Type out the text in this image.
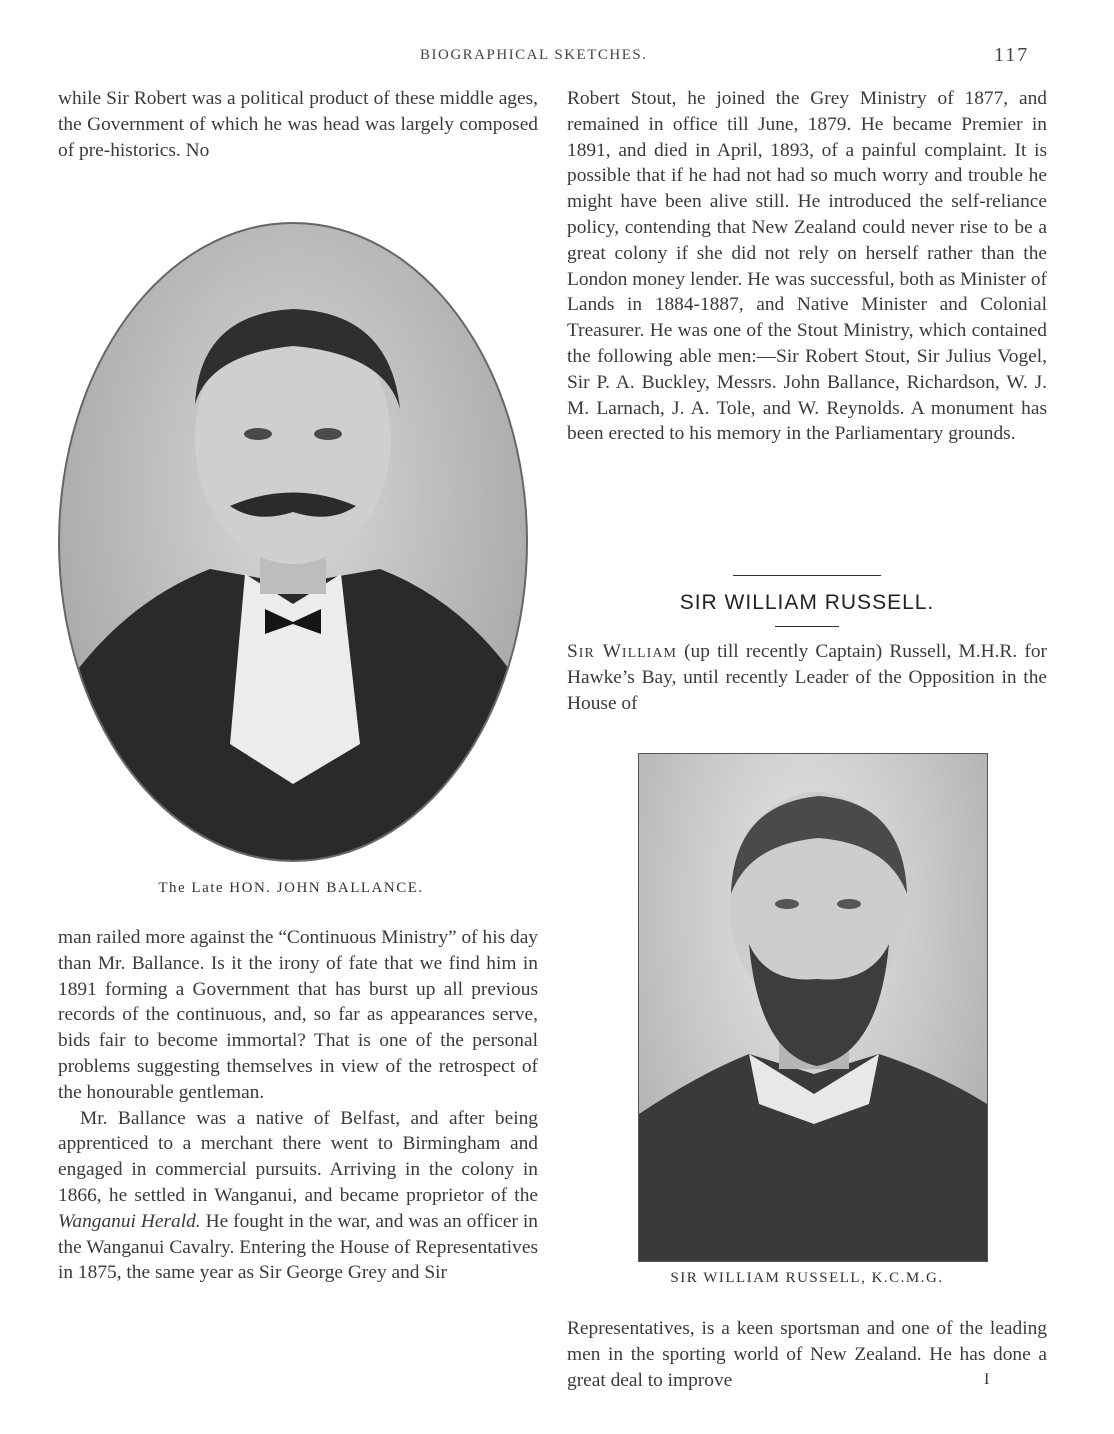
BIOGRAPHICAL SKETCHES.	117

while Sir Robert was a political product of these middle ages, the Government of which he was head was largely composed of pre-historics. No

The Late HON. JOHN BALLANCE.

man railed more against the “Continuous Ministry” of his day than Mr. Ballance. Is it the irony of fate that we find him in 1891 forming a Government that has burst up all previous records of the continuous, and, so far as appearances serve, bids fair to become immortal? That is one of the personal problems suggesting themselves in view of the retrospect of the honourable gentleman.

Mr. Ballance was a native of Belfast, and after being apprenticed to a merchant there went to Birmingham and engaged in commercial pursuits. Arriving in the colony in 1866, he settled in Wanganui, and became proprietor of the Wanganui Herald. He fought in the war, and was an officer in the Wanganui Cavalry. Entering the House of Representatives in 1875, the same year as Sir George Grey and Sir

Robert Stout, he joined the Grey Ministry of 1877, and remained in office till June, 1879. He became Premier in 1891, and died in April, 1893, of a painful complaint. It is possible that if he had not had so much worry and trouble he might have been alive still. He introduced the self-reliance policy, contending that New Zealand could never rise to be a great colony if she did not rely on herself rather than the London money lender. He was successful, both as Minister of Lands in 1884-1887, and Native Minister and Colonial Treasurer. He was one of the Stout Ministry, which contained the following able men:—Sir Robert Stout, Sir Julius Vogel, Sir P. A. Buckley, Messrs. John Ballance, Richardson, W. J. M. Larnach, J. A. Tole, and W. Reynolds. A monument has been erected to his memory in the Parliamentary grounds.

SIR WILLIAM RUSSELL.

Sir William (up till recently Captain) Russell, M.H.R. for Hawke’s Bay, until recently Leader of the Opposition in the House of

SIR WILLIAM RUSSELL, K.C.M.G.

Representatives, is a keen sportsman and one of the leading men in the sporting world of New Zealand. He has done a great deal to improve	I
